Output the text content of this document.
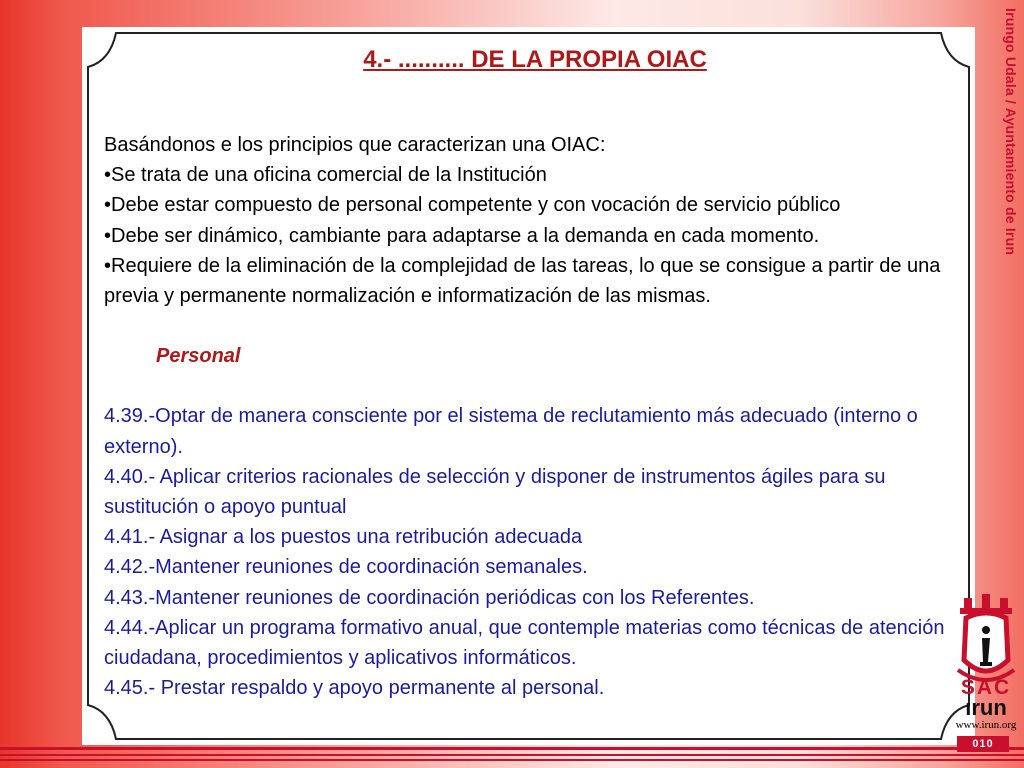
4.- .......... DE LA PROPIA OIAC

Basándonos e los principios que caracterizan una OIAC:

• Se trata de una oficina comercial de la Institución

• Debe estar compuesto de personal competente y con vocación de servicio público

• Debe ser dinámico, cambiante para adaptarse a la demanda en cada momento.

• Requiere de la eliminación de la complejidad de las tareas, lo que se consigue a partir de una previa y permanente normalización e informatización de las mismas.

Personal

4.39.-Optar de manera consciente por el sistema de reclutamiento más adecuado (interno o externo).

4.40.- Aplicar criterios racionales de selección y disponer de instrumentos ágiles para su sustitución o apoyo puntual

4.41.- Asignar a los puestos una retribución adecuada

4.42.-Mantener reuniones de coordinación semanales.

4.43.-Mantener reuniones de coordinación periódicas con los Referentes.

4.44.-Aplicar un programa formativo anual, que contemple materias como técnicas de atención ciudadana, procedimientos y aplicativos informáticos.

4.45.- Prestar respaldo y apoyo permanente al personal.

Irungo Udala / Ayuntamiento de Irun
SAC
ırun
www.irun.org
010
